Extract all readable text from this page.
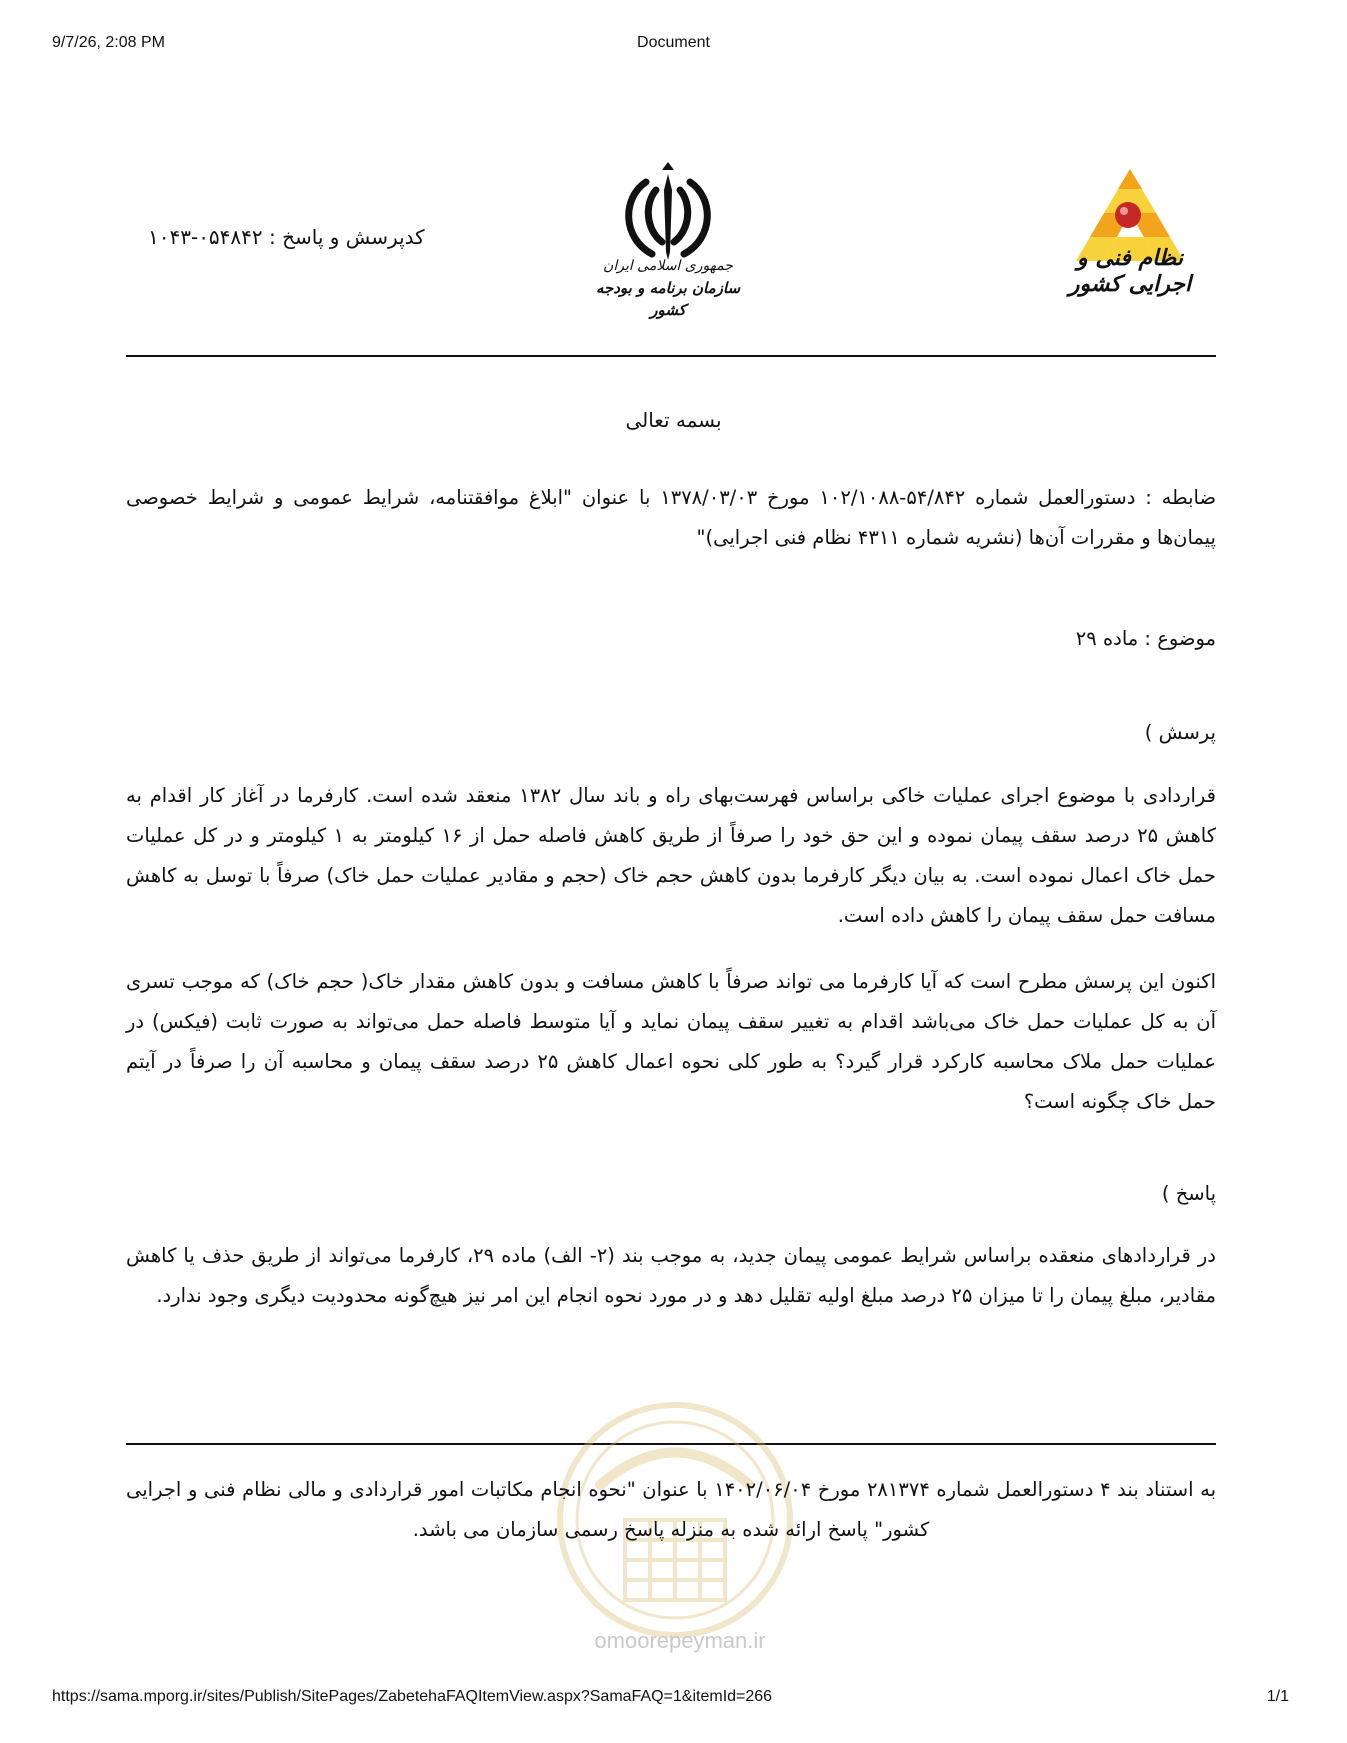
9/7/26, 2:08 PM	Document
کدپرسش و پاسخ : ۰۵۴۸۴۲-۱۰۴۳
جمهوری اسلامی ایران
سازمان برنامه و بودجه کشور
نظام فنی و اجرایی کشور
بسمه تعالی
ضابطه : دستورالعمل شماره ۵۴/۸۴۲-۱۰۲/۱۰۸۸ مورخ ۱۳۷۸/۰۳/۰۳ با عنوان "ابلاغ موافقتنامه، شرایط عمومی و شرایط خصوصی پیمان‌ها و مقررات آن‌ها (نشریه شماره ۴۳۱۱ نظام فنی اجرایی)"
موضوع : ماده ۲۹
پرسش )
قراردادی با موضوع اجرای عملیات خاکی براساس فهرست‌بهای راه و باند سال ۱۳۸۲ منعقد شده است. کارفرما در آغاز کار اقدام به کاهش ۲۵ درصد سقف پیمان نموده و این حق خود را صرفاً از طریق کاهش فاصله حمل از ۱۶ کیلومتر به ۱ کیلومتر و در کل عملیات حمل خاک اعمال نموده است. به بیان دیگر کارفرما بدون کاهش حجم خاک (حجم و مقادیر عملیات حمل خاک) صرفاً با توسل به کاهش مسافت حمل سقف پیمان را کاهش داده است.
اکنون این پرسش مطرح است که آیا کارفرما می تواند صرفاً با کاهش مسافت و بدون کاهش مقدار خاک( حجم خاک) که موجب تسری آن به کل عملیات حمل خاک می‌باشد اقدام به تغییر سقف پیمان نماید و آیا متوسط فاصله حمل می‌تواند به صورت ثابت (فیکس) در عملیات حمل ملاک محاسبه کارکرد قرار گیرد؟ به طور کلی نحوه اعمال کاهش ۲۵ درصد سقف پیمان و محاسبه آن را صرفاً در آیتم حمل خاک چگونه است؟
پاسخ )
در قراردادهای منعقده براساس شرایط عمومی پیمان جدید، به موجب بند (۲- الف) ماده ۲۹، کارفرما می‌تواند از طریق حذف یا کاهش مقادیر، مبلغ پیمان را تا میزان ۲۵ درصد مبلغ اولیه تقلیل دهد و در مورد نحوه انجام این امر نیز هیچ‌گونه محدودیت دیگری وجود ندارد.
به استناد بند ۴ دستورالعمل شماره ۲۸۱۳۷۴ مورخ ۱۴۰۲/۰۶/۰۴ با عنوان "نحوه انجام مکاتبات امور قراردادی و مالی نظام فنی و اجرایی کشور" پاسخ ارائه شده به منزله پاسخ رسمی سازمان می باشد.
omoorepeyman.ir
https://sama.mporg.ir/sites/Publish/SitePages/ZabetehaFAQItemView.aspx?SamaFAQ=1&itemId=266	1/1
